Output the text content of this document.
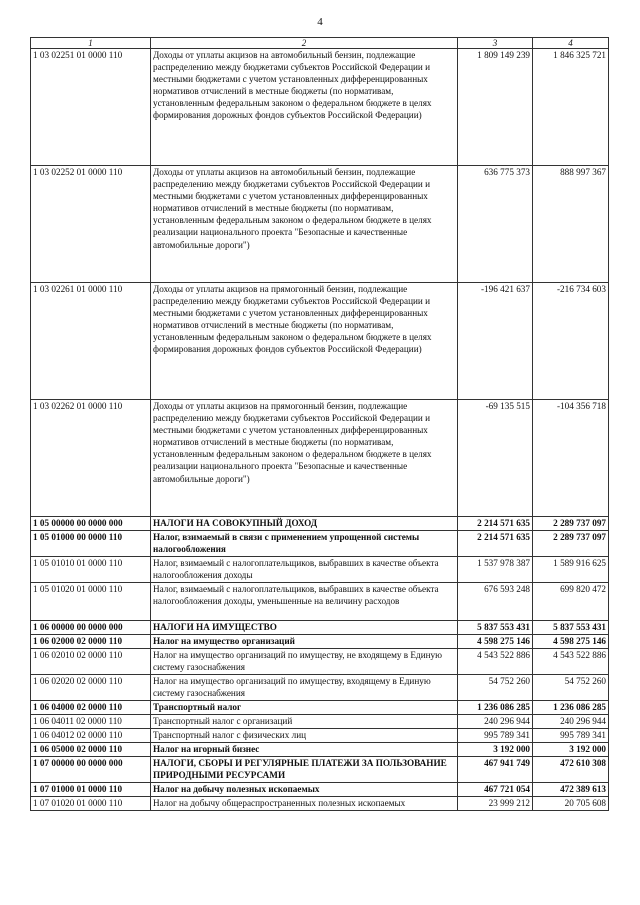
4
1	2	3	4
1 03 02251 01 0000 110	Доходы от уплаты акцизов на автомобильный бензин, подлежащие распределению между бюджетами субъектов Российской Федерации и местными бюджетами с учетом установленных дифференцированных нормативов отчислений в местные бюджеты (по нормативам, установленным федеральным законом о федеральном бюджете в целях формирования дорожных фондов субъектов Российской Федерации)	1 809 149 239	1 846 325 721
1 03 02252 01 0000 110	Доходы от уплаты акцизов на автомобильный бензин, подлежащие распределению между бюджетами субъектов Российской Федерации и местными бюджетами с учетом установленных дифференцированных нормативов отчислений в местные бюджеты (по нормативам, установленным федеральным законом о федеральном бюджете в целях реализации национального проекта "Безопасные и качественные автомобильные дороги")	636 775 373	888 997 367
1 03 02261 01 0000 110	Доходы от уплаты акцизов на прямогонный бензин, подлежащие распределению между бюджетами субъектов Российской Федерации и местными бюджетами с учетом установленных дифференцированных нормативов отчислений в местные бюджеты (по нормативам, установленным федеральным законом о федеральном бюджете в целях формирования дорожных фондов субъектов Российской Федерации)	-196 421 637	-216 734 603
1 03 02262 01 0000 110	Доходы от уплаты акцизов на прямогонный бензин, подлежащие распределению между бюджетами субъектов Российской Федерации и местными бюджетами с учетом установленных дифференцированных нормативов отчислений в местные бюджеты (по нормативам, установленным федеральным законом о федеральном бюджете в целях реализации национального проекта "Безопасные и качественные автомобильные дороги")	-69 135 515	-104 356 718
1 05 00000 00 0000 000	НАЛОГИ НА СОВОКУПНЫЙ ДОХОД	2 214 571 635	2 289 737 097
1 05 01000 00 0000 110	Налог, взимаемый в связи с применением упрощенной системы налогообложения	2 214 571 635	2 289 737 097
1 05 01010 01 0000 110	Налог, взимаемый с налогоплательщиков, выбравших в качестве объекта налогообложения доходы	1 537 978 387	1 589 916 625
1 05 01020 01 0000 110	Налог, взимаемый с налогоплательщиков, выбравших в качестве объекта налогообложения доходы, уменьшенные на величину расходов	676 593 248	699 820 472
1 06 00000 00 0000 000	НАЛОГИ НА ИМУЩЕСТВО	5 837 553 431	5 837 553 431
1 06 02000 02 0000 110	Налог на имущество организаций	4 598 275 146	4 598 275 146
1 06 02010 02 0000 110	Налог на имущество организаций по имуществу, не входящему в Единую систему газоснабжения	4 543 522 886	4 543 522 886
1 06 02020 02 0000 110	Налог на имущество организаций по имуществу, входящему в Единую систему газоснабжения	54 752 260	54 752 260
1 06 04000 02 0000 110	Транспортный налог	1 236 086 285	1 236 086 285
1 06 04011 02 0000 110	Транспортный налог с организаций	240 296 944	240 296 944
1 06 04012 02 0000 110	Транспортный налог с физических лиц	995 789 341	995 789 341
1 06 05000 02 0000 110	Налог на игорный бизнес	3 192 000	3 192 000
1 07 00000 00 0000 000	НАЛОГИ, СБОРЫ И РЕГУЛЯРНЫЕ ПЛАТЕЖИ ЗА ПОЛЬЗОВАНИЕ ПРИРОДНЫМИ РЕСУРСАМИ	467 941 749	472 610 308
1 07 01000 01 0000 110	Налог на добычу полезных ископаемых	467 721 054	472 389 613
1 07 01020 01 0000 110	Налог на добычу общераспространенных полезных ископаемых	23 999 212	20 705 608
